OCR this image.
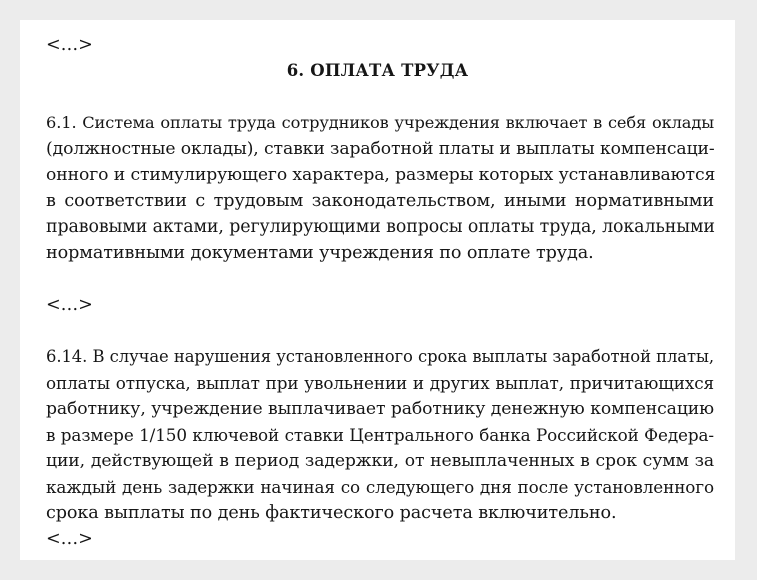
<…>
6. ОПЛАТА ТРУДА
6.1. Система оплаты труда сотрудников учреждения включает в себя оклады
(должностные оклады), ставки заработной платы и выплаты компенсаци-
онного и стимулирующего характера, размеры которых устанавливаются
в соответствии с трудовым законодательством, иными нормативными
правовыми актами, регулирующими вопросы оплаты труда, локальными
нормативными документами учреждения по оплате труда.
<…>
6.14. В случае нарушения установленного срока выплаты заработной платы,
оплаты отпуска, выплат при увольнении и других выплат, причитающихся
работнику, учреждение выплачивает работнику денежную компенсацию
в размере 1/150 ключевой ставки Центрального банка Российской Федера-
ции, действующей в период задержки, от невыплаченных в срок сумм за
каждый день задержки начиная со следующего дня после установленного
срока выплаты по день фактического расчета включительно.
<…>
